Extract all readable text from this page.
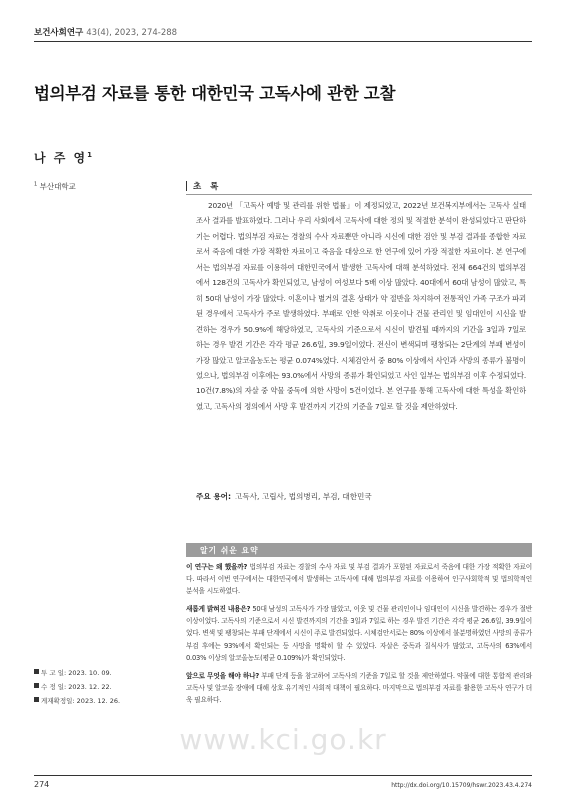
보건사회연구 43(4), 2023, 274-288
법의부검 자료를 통한 대한민국 고독사에 관한 고찰
나 주 영$^1$
$^1$ 부산대학교	초 록

2020년 「고독사 예방 및 관리를 위한 법률」이 제정되었고, 2022년 보건복지부에서는 고독사 실태조사 결과를 발표하였다. 그러나 우리 사회에서 고독사에 대한 정의 및 적절한 분석이 완성되었다고 판단하기는 어렵다. 법의부검 자료는 경찰의 수사 자료뿐만 아니라 시신에 대한 검안 및 부검 결과를 종합한 자료로서 죽음에 대한 가장 적확한 자료이고 죽음을 대상으로 한 연구에 있어 가장 적절한 자료이다. 본 연구에서는 법의부검 자료를 이용하여 대한민국에서 발생한 고독사에 대해 분석하였다. 전체 664건의 법의부검에서 128건의 고독사가 확인되었고, 남성이 여성보다 5배 이상 많았다. 40대에서 60대 남성이 많았고, 특히 50대 남성이 가장 많았다. 이혼이나 별거의 결혼 상태가 약 절반을 차지하여 전통적인 가족 구조가 파괴된 경우에서 고독사가 주로 발생하였다. 부패로 인한 악취로 이웃이나 건물 관리인 및 임대인이 시신을 발견하는 경우가 50.9%에 해당하였고, 고독사의 기준으로서 시신이 발견될 때까지의 기간을 3일과 7일로 하는 경우 발견 기간은 각각 평균 26.6일, 39.9일이었다. 전신이 변색되며 팽창되는 2단계의 부패 변성이 가장 많았고 알코올농도는 평균 0.074%였다. 시체검안서 중 80% 이상에서 사인과 사망의 종류가 불명이었으나, 법의부검 이후에는 93.0%에서 사망의 종류가 확인되었고 사인 일부는 법의부검 이후 수정되었다. 10건(7.8%)의 자살 중 약물 중독에 의한 사망이 5건이었다. 본 연구를 통해 고독사에 대한 특성을 확인하였고, 고독사의 정의에서 사망 후 발견까지 기간의 기준을 7일로 할 것을 제안하였다.

주요 용어: 고독사, 고립사, 법의병리, 부검, 대한민국
알기 쉬운 요약

이 연구는 왜 했을까? 법의부검 자료는 경찰의 수사 자료 및 부검 결과가 포함된 자료로서 죽음에 대한 가장 적확한 자료이다. 따라서 이번 연구에서는 대한민국에서 발생하는 고독사에 대해 법의부검 자료를 이용하여 인구사회학적 및 법의학적인 분석을 시도하였다.

새롭게 밝혀진 내용은? 50대 남성의 고독사가 가장 많았고, 이웃 및 건물 관리인이나 임대인이 시신을 발견하는 경우가 절반 이상이었다. 고독사의 기준으로서 시신 발견까지의 기간을 3일과 7일로 하는 경우 발견 기간은 각각 평균 26.6일, 39.9일이었다. 변색 및 팽창되는 부패 단계에서 시신이 주로 발견되었다. 시체검안서로는 80% 이상에서 불분명하였던 사망의 종류가 부검 후에는 93%에서 확인되는 등 사망을 명확히 할 수 있었다. 자살은 중독과 질식사가 많았고, 고독사의 63%에서 0.03% 이상의 알코올농도(평균 0.109%)가 확인되었다.

앞으로 무엇을 해야 하나? 부패 단계 등을 참고하여 고독사의 기준을 7일로 할 것을 제안하였다. 약물에 대한 통합적 관리와 고독사 및 알코올 장애에 대해 상호 유기적인 사회적 대책이 필요하다. 마지막으로 법의부검 자료를 활용한 고독사 연구가 더욱 필요하다.

투 고 일: 2023. 10. 09.
수 정 일: 2023. 12. 22.
게재확정일: 2023. 12. 26.
www.kci.go.kr
274	http://dx.doi.org/10.15709/hswr.2023.43.4.274
